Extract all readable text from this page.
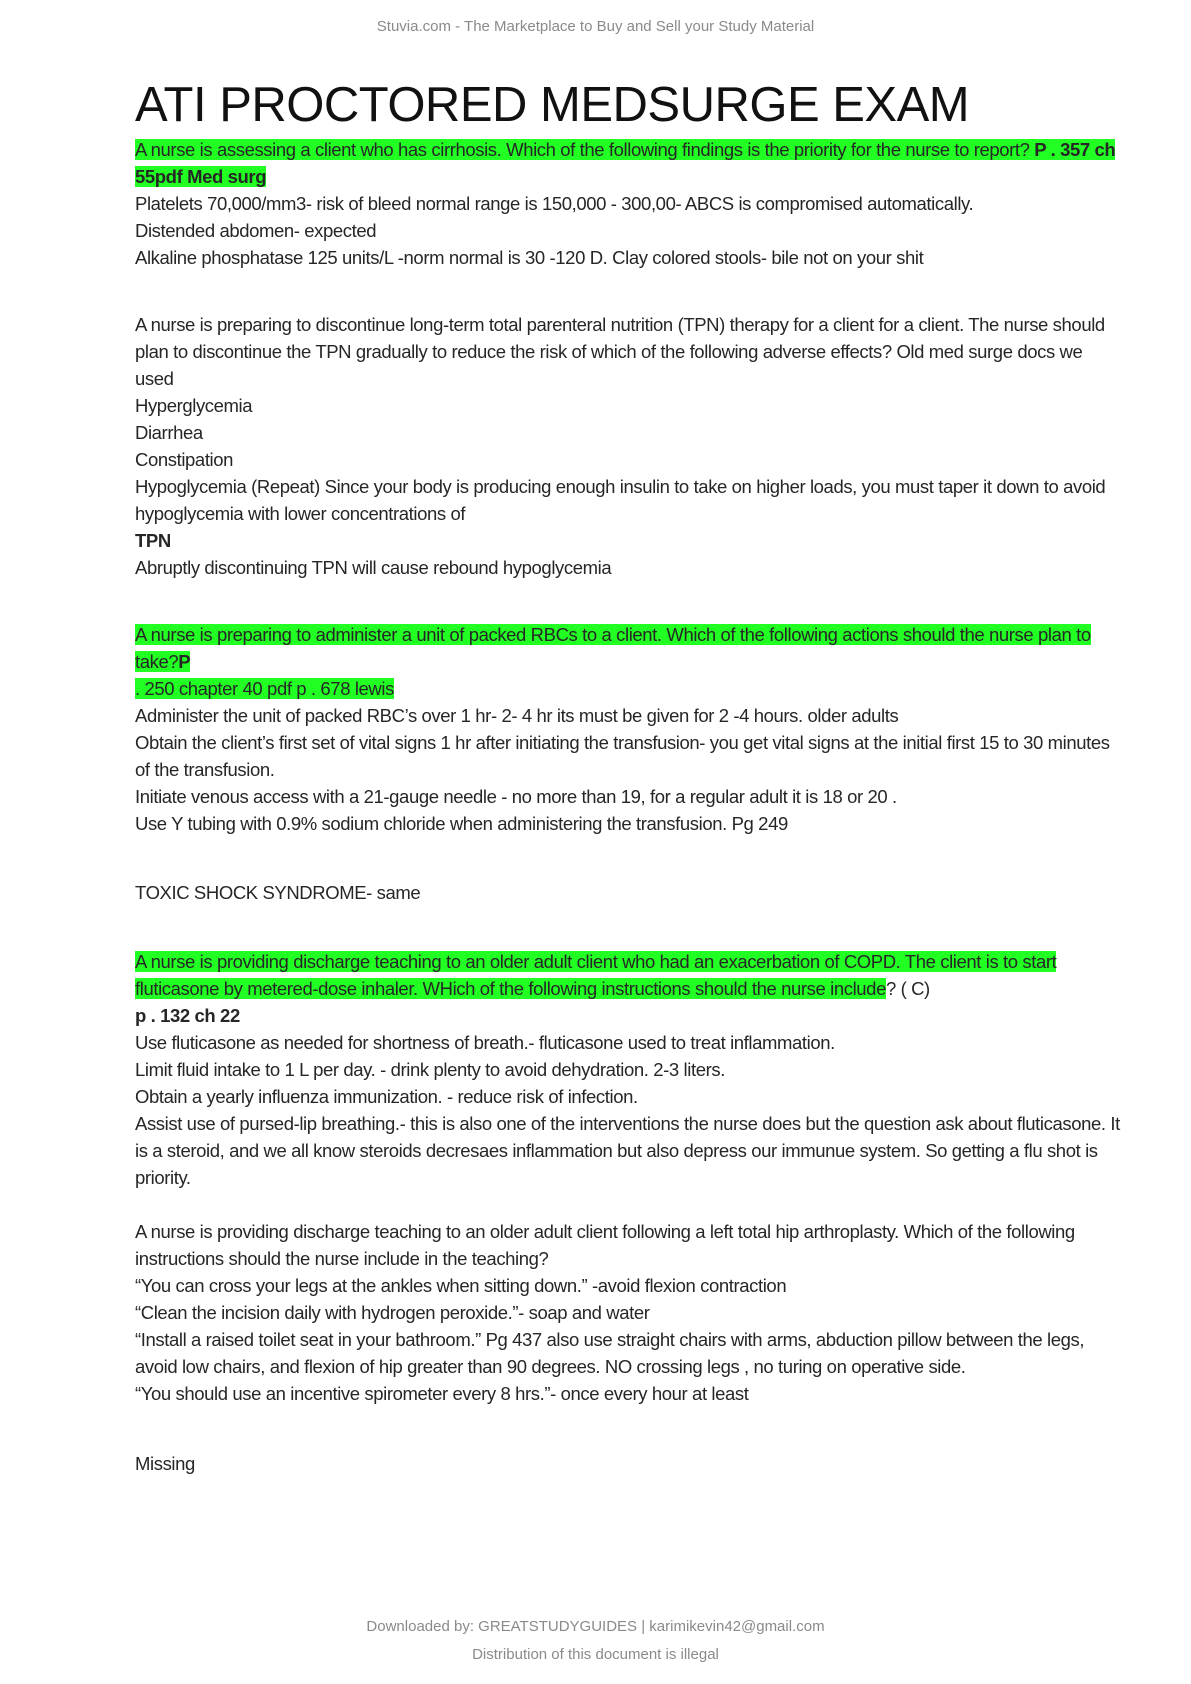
Stuvia.com - The Marketplace to Buy and Sell your Study Material
ATI PROCTORED MEDSURGE EXAM

A nurse is assessing a client who has cirrhosis. Which of the following findings is the priority for the nurse to report? P . 357 ch 55pdf Med surg

Platelets 70,000/mm3- risk of bleed normal range is 150,000 - 300,00- ABCS is compromised automatically.

Distended abdomen- expected

Alkaline phosphatase 125 units/L -norm normal is 30 -120 D. Clay colored stools- bile not on your shit

A nurse is preparing to discontinue long-term total parenteral nutrition (TPN) therapy for a client for a client. The nurse should plan to discontinue the TPN gradually to reduce the risk of which of the following adverse effects? Old med surge docs we used

Hyperglycemia

Diarrhea

Constipation

Hypoglycemia (Repeat) Since your body is producing enough insulin to take on higher loads, you must taper it down to avoid hypoglycemia with lower concentrations of

TPN

Abruptly discontinuing TPN will cause rebound hypoglycemia

A nurse is preparing to administer a unit of packed RBCs to a client. Which of the following actions should the nurse plan to take?P

. 250 chapter 40 pdf p . 678 lewis

Administer the unit of packed RBC’s over 1 hr- 2- 4 hr its must be given for 2 -4 hours. older adults

Obtain the client’s first set of vital signs 1 hr after initiating the transfusion- you get vital signs at the initial first 15 to 30 minutes of the transfusion.

Initiate venous access with a 21-gauge needle - no more than 19, for a regular adult it is 18 or 20 .

Use Y tubing with 0.9% sodium chloride when administering the transfusion. Pg 249

TOXIC SHOCK SYNDROME- same

A nurse is providing discharge teaching to an older adult client who had an exacerbation of COPD. The client is to start fluticasone by metered-dose inhaler. WHich of the following instructions should the nurse include? ( C)

p . 132 ch 22

Use fluticasone as needed for shortness of breath.- fluticasone used to treat inflammation.

Limit fluid intake to 1 L per day. - drink plenty to avoid dehydration. 2-3 liters.

Obtain a yearly influenza immunization. - reduce risk of infection.

Assist use of pursed-lip breathing.- this is also one of the interventions the nurse does but the question ask about fluticasone. It is a steroid, and we all know steroids decresaes inflammation but also depress our immunue system. So getting a flu shot is priority.

A nurse is providing discharge teaching to an older adult client following a left total hip arthroplasty. Which of the following instructions should the nurse include in the teaching?

“You can cross your legs at the ankles when sitting down.” -avoid flexion contraction

“Clean the incision daily with hydrogen peroxide.”- soap and water

“Install a raised toilet seat in your bathroom.” Pg 437 also use straight chairs with arms, abduction pillow between the legs, avoid low chairs, and flexion of hip greater than 90 degrees. NO crossing legs , no turing on operative side.

“You should use an incentive spirometer every 8 hrs.”- once every hour at least

Missing

Downloaded by: GREATSTUDYGUIDES | karimikevin42@gmail.com
Distribution of this document is illegal
